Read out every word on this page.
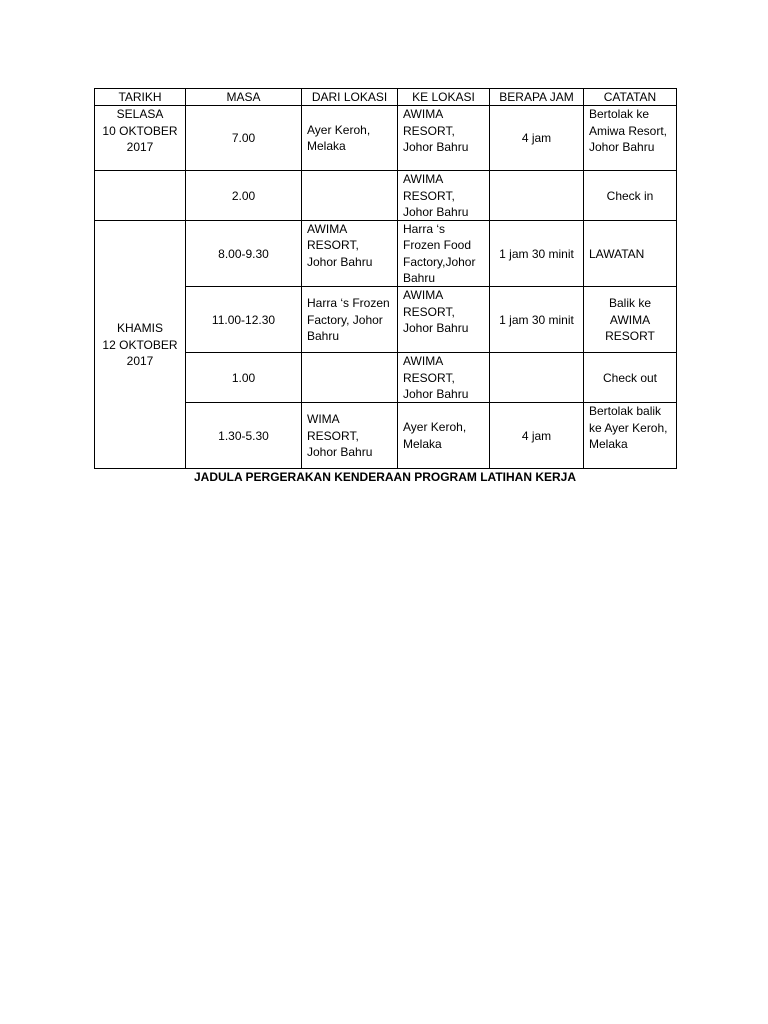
TARIKH	MASA	DARI LOKASI	KE LOKASI	BERAPA JAM	CATATAN
SELASA
10 OKTOBER
2017	7.00	Ayer Keroh, Melaka	AWIMA RESORT, Johor Bahru	4 jam	Bertolak ke Amiwa Resort, Johor Bahru
	2.00		AWIMA RESORT, Johor Bahru		Check in
KHAMIS
12 OKTOBER
2017	8.00-9.30	AWIMA RESORT, Johor Bahru	Harra ‘s Frozen Food Factory,Johor Bahru	1 jam 30 minit	LAWATAN
	11.00-12.30	Harra ‘s Frozen Factory, Johor Bahru	AWIMA RESORT, Johor Bahru	1 jam 30 minit	Balik ke AWIMA RESORT
	1.00		AWIMA RESORT, Johor Bahru		Check out
	1.30-5.30	WIMA RESORT, Johor Bahru	Ayer Keroh, Melaka	4 jam	Bertolak balik ke Ayer Keroh, Melaka
JADULA PERGERAKAN KENDERAAN PROGRAM LATIHAN KERJA
